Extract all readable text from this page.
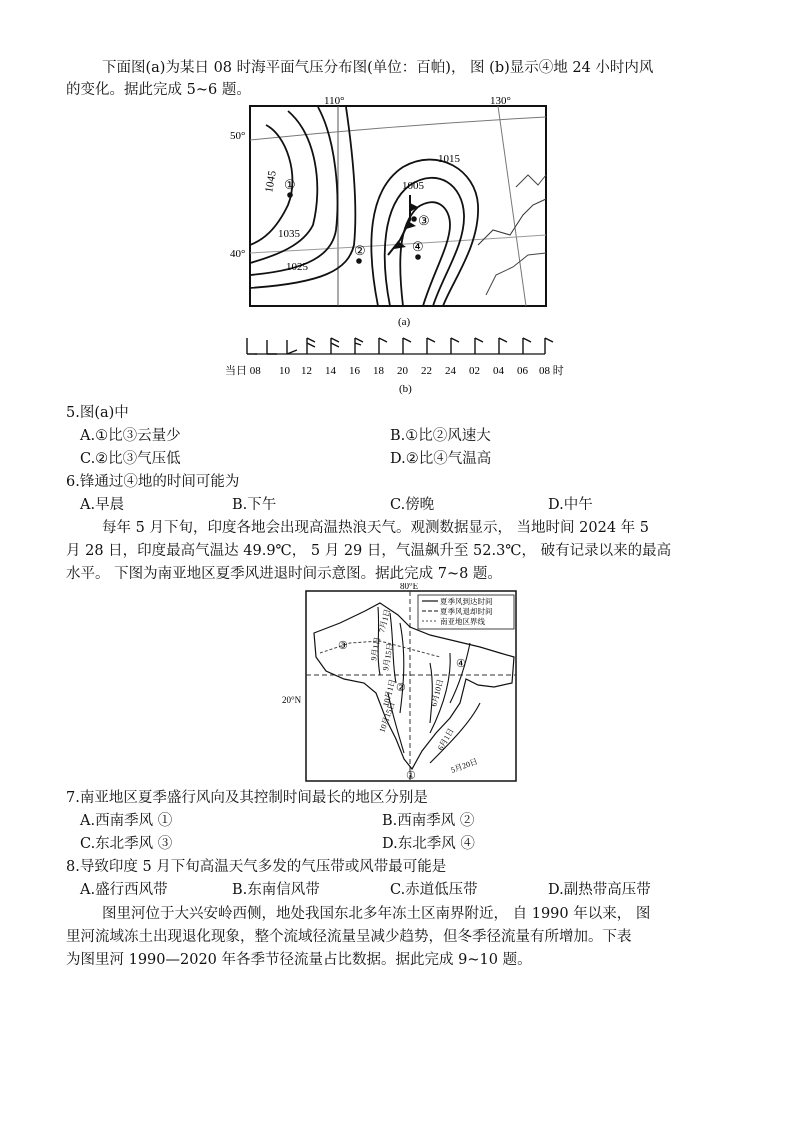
下面图(a)为某日 08 时海平面气压分布图(单位：百帕)， 图 (b)显示④地 24 小时内风
的变化。据此完成 5~6 题。
110°	130°
50°
40°
1045
1035
1025
1015
1005
①
②
③
④
(a)
当日 08 10 12 14 16 18 20 22 24 02 04 06 08 时
(b)
5.图(a)中
A.①比③云量少	B.①比②风速大
C.②比③气压低	D.②比④气温高
6.锋通过④地的时间可能为
A.早晨	B.下午	C.傍晚	D.中午
每年 5 月下旬，印度各地会出现高温热浪天气。观测数据显示， 当地时间 2024 年 5
月 28 日，印度最高气温达 49.9℃， 5 月 29 日，气温飙升至 52.3℃， 破有记录以来的最高
水平。 下图为南亚地区夏季风进退时间示意图。据此完成 7~8 题。
夏季风到达时间
夏季风退却时间
南亚地区界线
80°E
20°N
7月1日
9月1日
9月15日
10月1日
10月15日
6月10日
6月1日
5月20日
①
②
③
④
7.南亚地区夏季盛行风向及其控制时间最长的地区分别是
A.西南季风 ①	B.西南季风 ②
C.东北季风 ③	D.东北季风 ④
8.导致印度 5 月下旬高温天气多发的气压带或风带最可能是
A.盛行西风带	B.东南信风带	C.赤道低压带	D.副热带高压带
图里河位于大兴安岭西侧，地处我国东北多年冻土区南界附近， 自 1990 年以来， 图
里河流域冻土出现退化现象，整个流域径流量呈减少趋势，但冬季径流量有所增加。下表
为图里河 1990—2020 年各季节径流量占比数据。据此完成 9~10 题。
